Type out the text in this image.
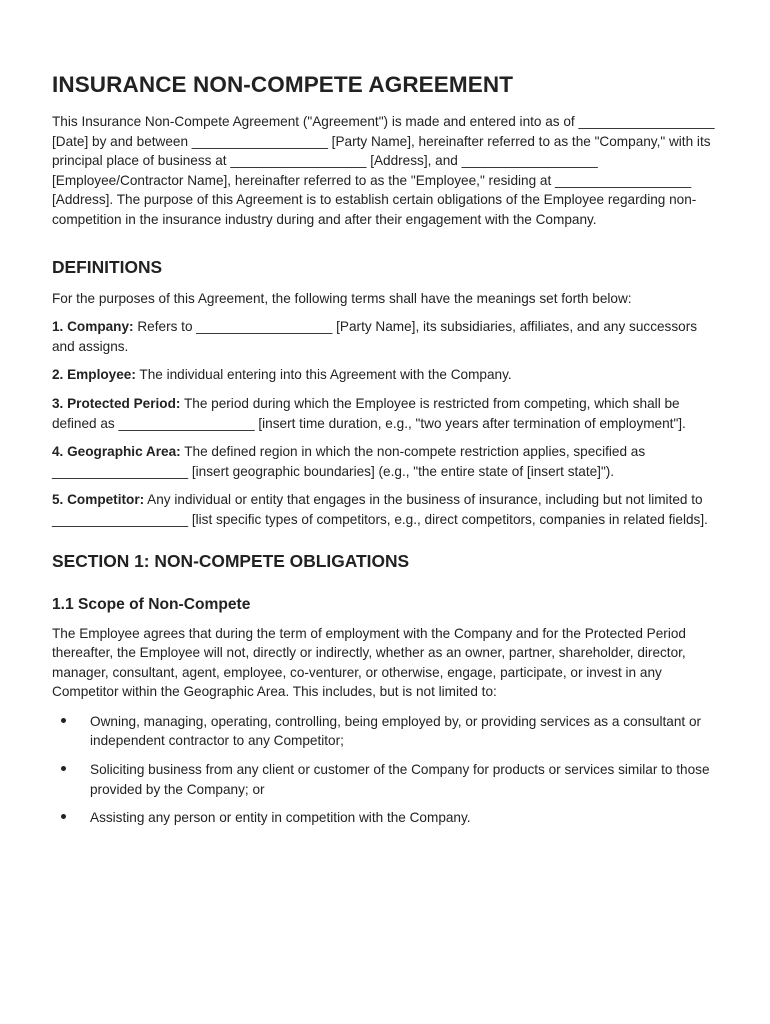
INSURANCE NON-COMPETE AGREEMENT

This Insurance Non-Compete Agreement ("Agreement") is made and entered into as of __________________ [Date] by and between __________________ [Party Name], hereinafter referred to as the "Company," with its principal place of business at __________________ [Address], and __________________ [Employee/Contractor Name], hereinafter referred to as the "Employee," residing at __________________ [Address]. The purpose of this Agreement is to establish certain obligations of the Employee regarding non-competition in the insurance industry during and after their engagement with the Company.

DEFINITIONS

For the purposes of this Agreement, the following terms shall have the meanings set forth below:

1. Company: Refers to __________________ [Party Name], its subsidiaries, affiliates, and any successors and assigns.

2. Employee: The individual entering into this Agreement with the Company.

3. Protected Period: The period during which the Employee is restricted from competing, which shall be defined as __________________ [insert time duration, e.g., "two years after termination of employment"].

4. Geographic Area: The defined region in which the non-compete restriction applies, specified as __________________ [insert geographic boundaries] (e.g., "the entire state of [insert state]").

5. Competitor: Any individual or entity that engages in the business of insurance, including but not limited to __________________ [list specific types of competitors, e.g., direct competitors, companies in related fields].

SECTION 1: NON-COMPETE OBLIGATIONS
1.1 Scope of Non-Compete

The Employee agrees that during the term of employment with the Company and for the Protected Period thereafter, the Employee will not, directly or indirectly, whether as an owner, partner, shareholder, director, manager, consultant, agent, employee, co-venturer, or otherwise, engage, participate, or invest in any Competitor within the Geographic Area. This includes, but is not limited to:

Owning, managing, operating, controlling, being employed by, or providing services as a consultant or independent contractor to any Competitor;
Soliciting business from any client or customer of the Company for products or services similar to those provided by the Company; or
Assisting any person or entity in competition with the Company.
